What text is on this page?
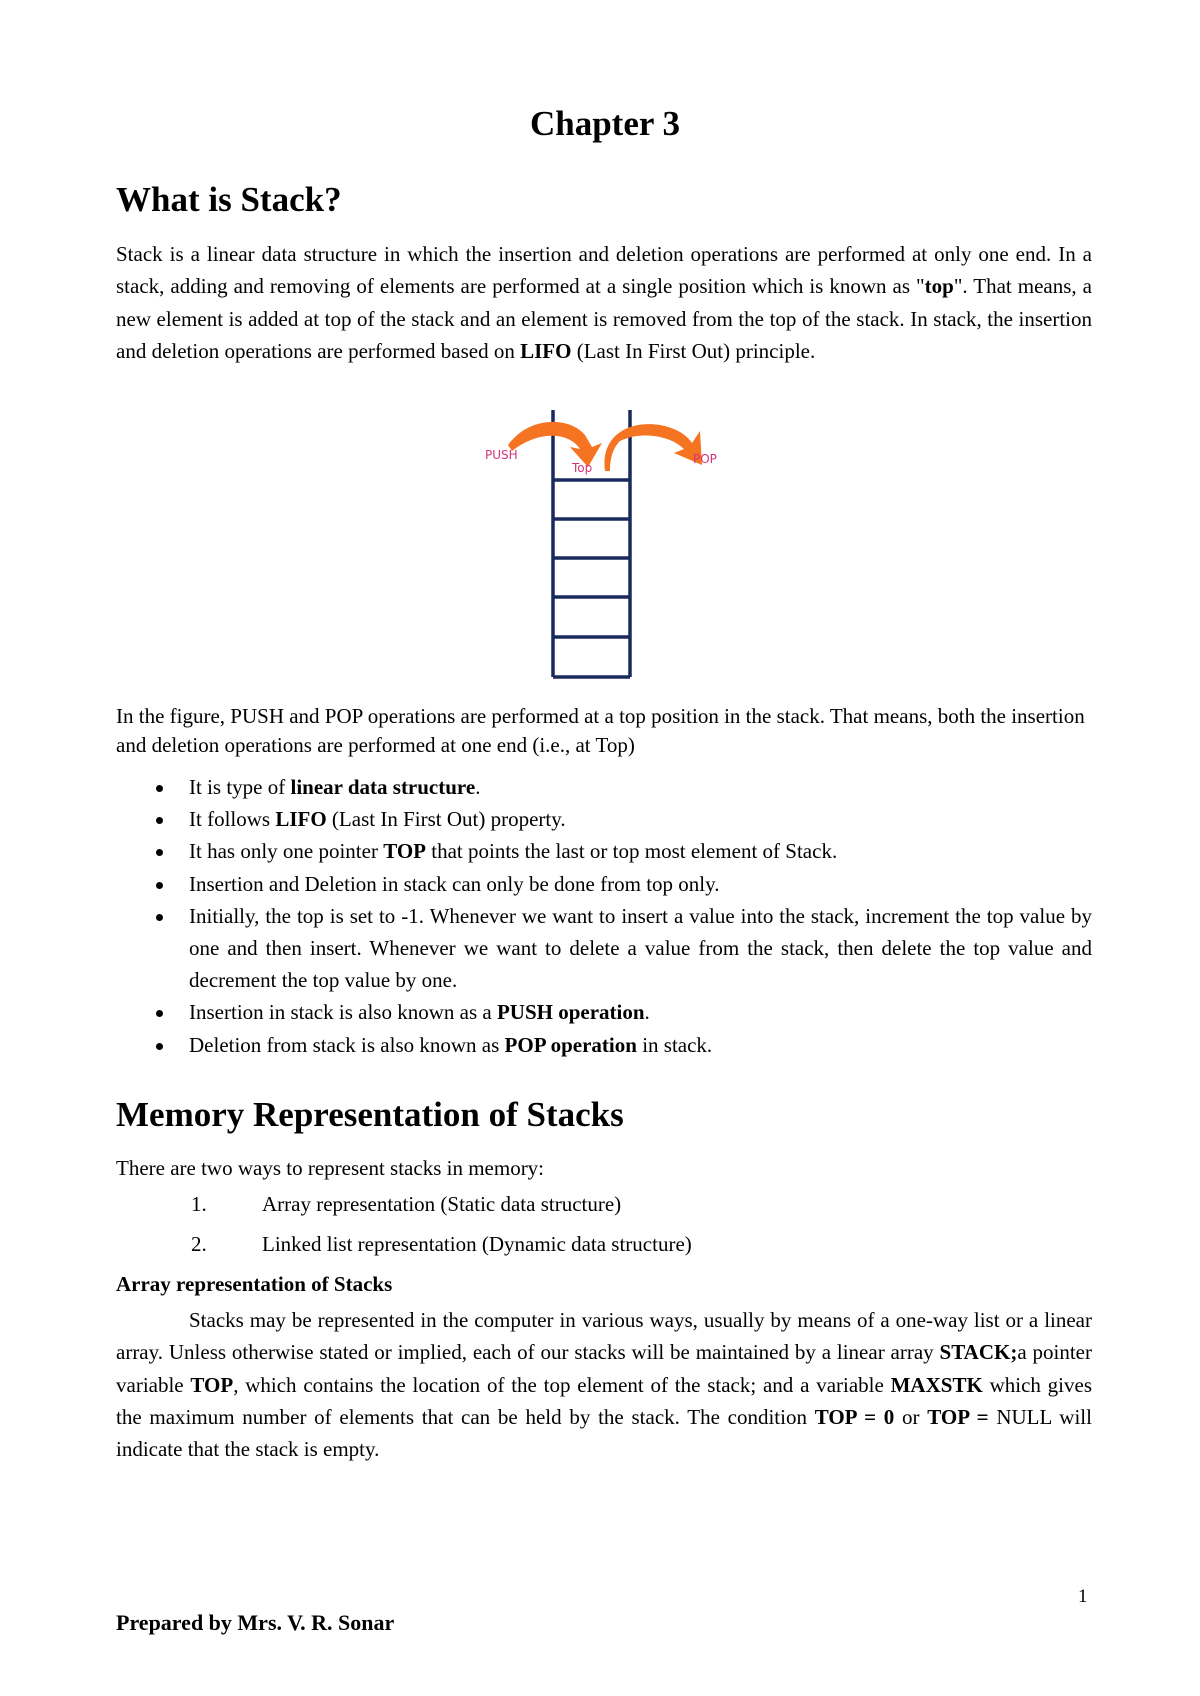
Chapter 3
What is Stack?
Stack is a linear data structure in which the insertion and deletion operations are performed at only one end. In a stack, adding and removing of elements are performed at a single position which is known as "top". That means, a new element is added at top of the stack and an element is removed from the top of the stack. In stack, the insertion and deletion operations are performed based on LIFO (Last In First Out) principle.
PUSH
Top
POP
In the figure, PUSH and POP operations are performed at a top position in the stack. That means, both the insertion and deletion operations are performed at one end (i.e., at Top)
It is type of linear data structure.
It follows LIFO (Last In First Out) property.
It has only one pointer TOP that points the last or top most element of Stack.
Insertion and Deletion in stack can only be done from top only.
Initially, the top is set to -1. Whenever we want to insert a value into the stack, increment the top value by one and then insert. Whenever we want to delete a value from the stack, then delete the top value and decrement the top value by one.
Insertion in stack is also known as a PUSH operation.
Deletion from stack is also known as POP operation in stack.
Memory Representation of Stacks
There are two ways to represent stacks in memory:
1.	Array representation (Static data structure)
2.	Linked list representation (Dynamic data structure)
Array representation of Stacks
Stacks may be represented in the computer in various ways, usually by means of a one-way list or a linear array. Unless otherwise stated or implied, each of our stacks will be maintained by a linear array STACK;a pointer variable TOP, which contains the location of the top element of the stack; and a variable MAXSTK which gives the maximum number of elements that can be held by the stack. The condition TOP = 0 or TOP = NULL will indicate that the stack is empty.
1
Prepared by Mrs. V. R. Sonar
